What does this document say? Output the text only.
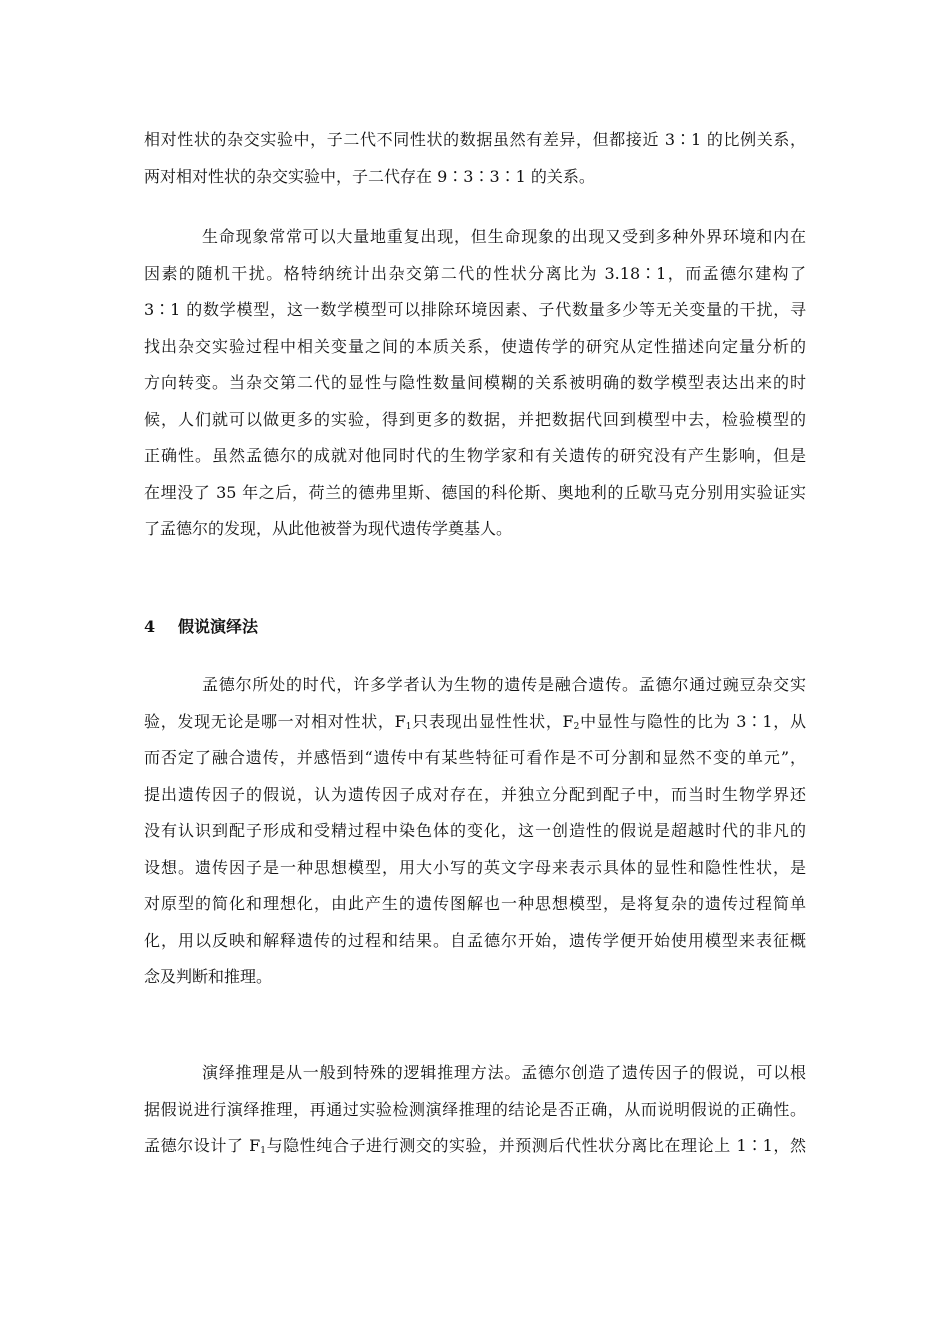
相对性状的杂交实验中，子二代不同性状的数据虽然有差异，但都接近 3∶1 的比例关系，
两对相对性状的杂交实验中，子二代存在 9∶3∶3∶1 的关系。
生命现象常常可以大量地重复出现，但生命现象的出现又受到多种外界环境和内在
因素的随机干扰。格特纳统计出杂交第二代的性状分离比为 3.18∶1，而孟德尔建构了
3∶1 的数学模型，这一数学模型可以排除环境因素、子代数量多少等无关变量的干扰，寻
找出杂交实验过程中相关变量之间的本质关系，使遗传学的研究从定性描述向定量分析的
方向转变。当杂交第二代的显性与隐性数量间模糊的关系被明确的数学模型表达出来的时
候，人们就可以做更多的实验，得到更多的数据，并把数据代回到模型中去，检验模型的
正确性。虽然孟德尔的成就对他同时代的生物学家和有关遗传的研究没有产生影响，但是
在埋没了 35 年之后，荷兰的德弗里斯、德国的科伦斯、奥地利的丘歇马克分别用实验证实
了孟德尔的发现，从此他被誉为现代遗传学奠基人。
4 假说演绎法
孟德尔所处的时代，许多学者认为生物的遗传是融合遗传。孟德尔通过豌豆杂交实
验，发现无论是哪一对相对性状，$F_1$只表现出显性性状，$F_2$中显性与隐性的比为 3∶1，从
而否定了融合遗传，并感悟到“遗传中有某些特征可看作是不可分割和显然不变的单元”，
提出遗传因子的假说，认为遗传因子成对存在，并独立分配到配子中，而当时生物学界还
没有认识到配子形成和受精过程中染色体的变化，这一创造性的假说是超越时代的非凡的
设想。遗传因子是一种思想模型，用大小写的英文字母来表示具体的显性和隐性性状，是
对原型的简化和理想化，由此产生的遗传图解也一种思想模型，是将复杂的遗传过程简单
化，用以反映和解释遗传的过程和结果。自孟德尔开始，遗传学便开始使用模型来表征概
念及判断和推理。
演绎推理是从一般到特殊的逻辑推理方法。孟德尔创造了遗传因子的假说，可以根
据假说进行演绎推理，再通过实验检测演绎推理的结论是否正确，从而说明假说的正确性。
孟德尔设计了 $F_1$与隐性纯合子进行测交的实验，并预测后代性状分离比在理论上 1∶1，然
